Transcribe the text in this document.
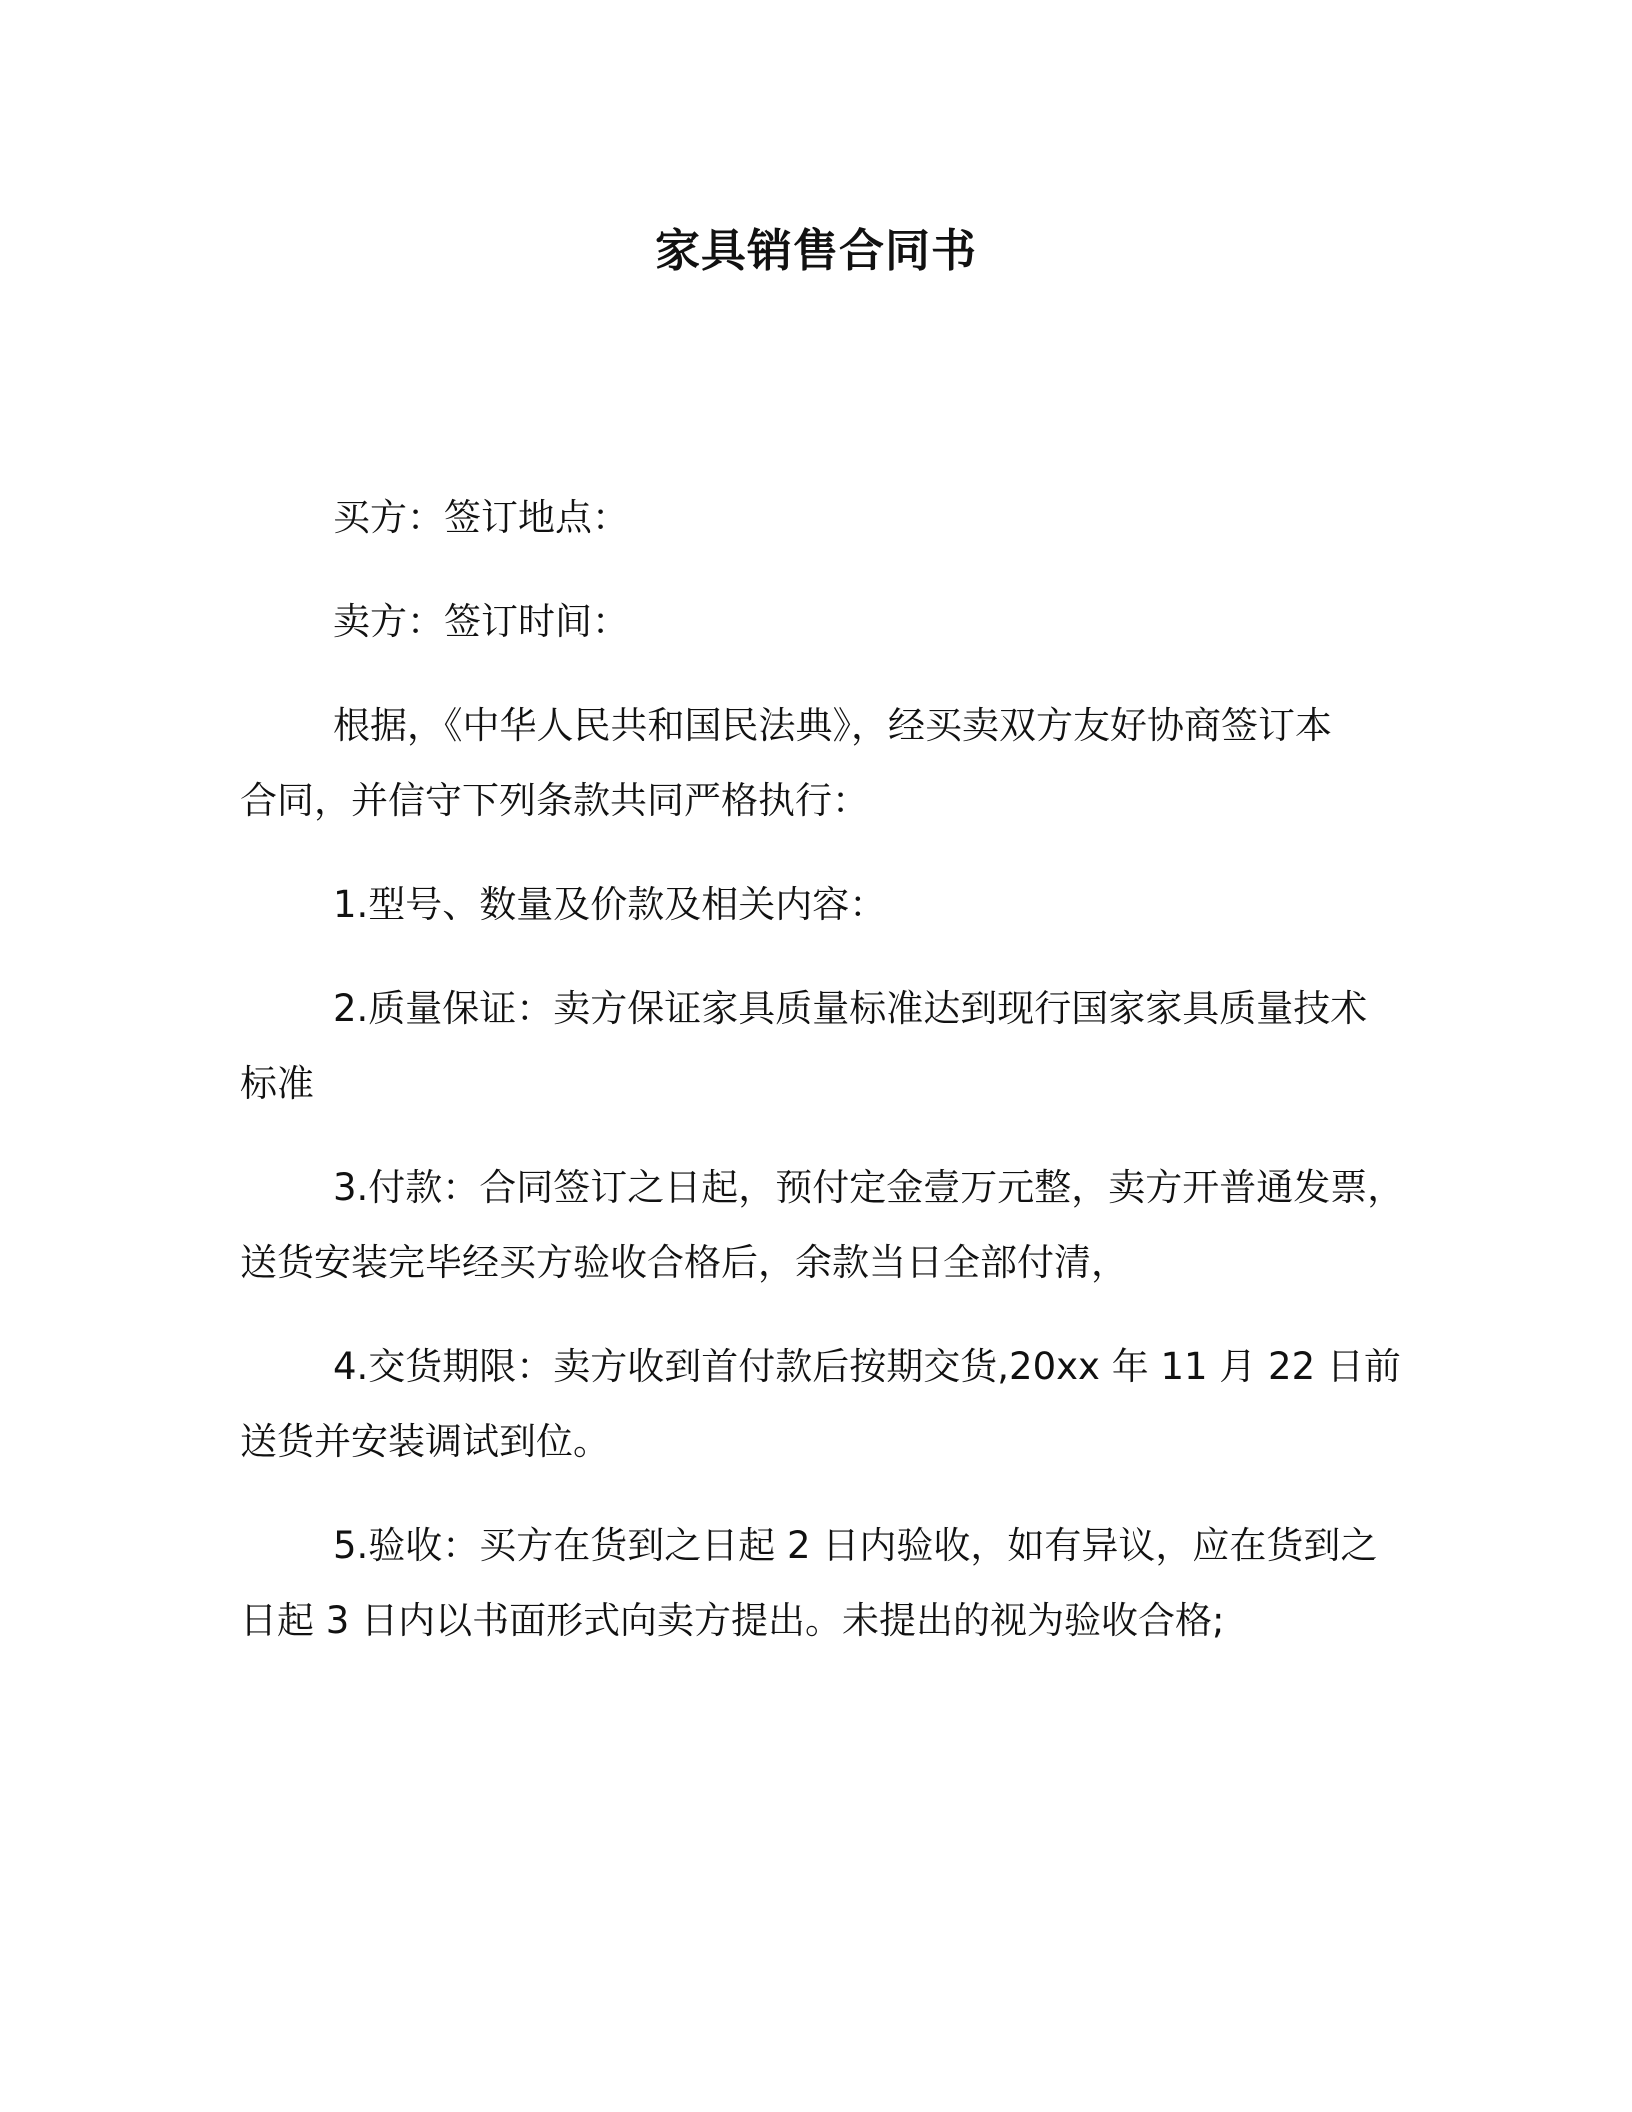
家具销售合同书

买方：签订地点：

卖方：签订时间：

根据，《中华人民共和国民法典》，经买卖双方友好协商签订本
合同，并信守下列条款共同严格执行：

1.型号、数量及价款及相关内容：

2.质量保证：卖方保证家具质量标准达到现行国家家具质量技术
标准

3.付款：合同签订之日起，预付定金壹万元整，卖方开普通发票，
送货安装完毕经买方验收合格后，余款当日全部付清，

4.交货期限：卖方收到首付款后按期交货,20xx 年 11 月 22 日前
送货并安装调试到位。

5.验收：买方在货到之日起 2 日内验收，如有异议，应在货到之
日起 3 日内以书面形式向卖方提出。未提出的视为验收合格;
